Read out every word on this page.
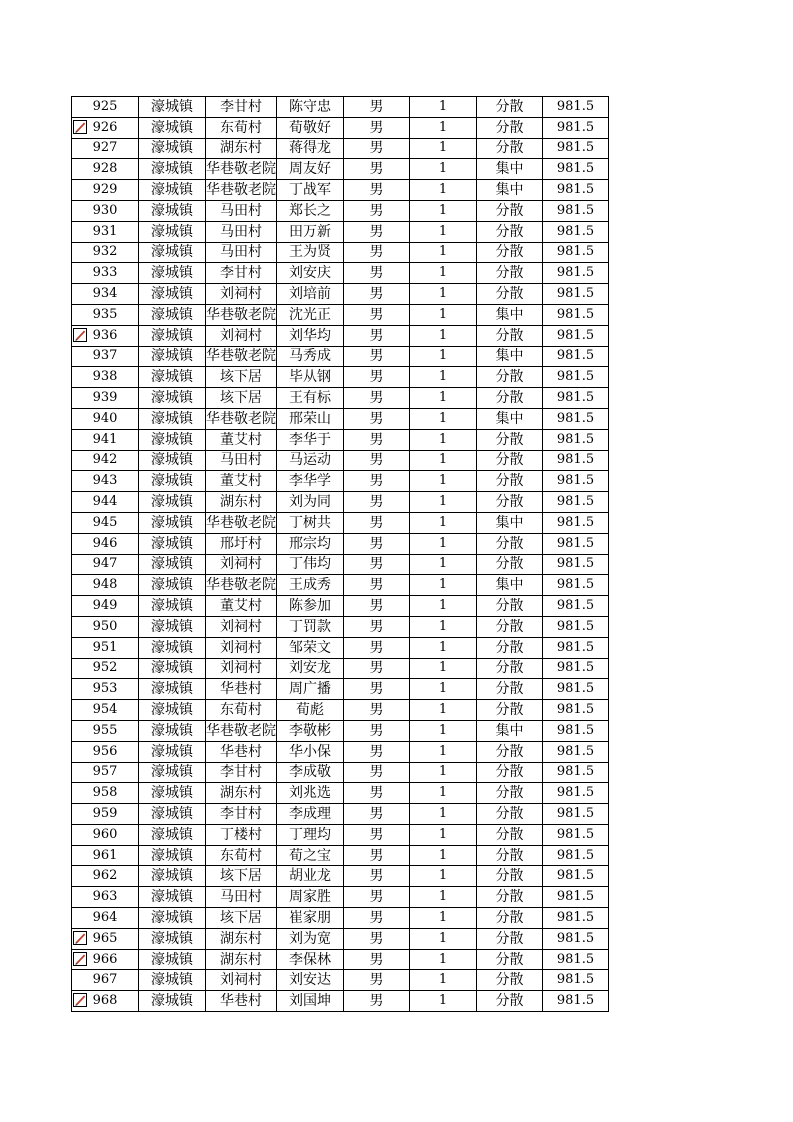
925	濠城镇	李甘村	陈守忠	男	1	分散	981.5

926	濠城镇	东荀村	荀敬好	男	1	分散	981.5
927	濠城镇	湖东村	蒋得龙	男	1	分散	981.5
928	濠城镇	华巷敬老院	周友好	男	1	集中	981.5
929	濠城镇	华巷敬老院	丁战军	男	1	集中	981.5
930	濠城镇	马田村	郑长之	男	1	分散	981.5
931	濠城镇	马田村	田万新	男	1	分散	981.5
932	濠城镇	马田村	王为贤	男	1	分散	981.5
933	濠城镇	李甘村	刘安庆	男	1	分散	981.5
934	濠城镇	刘祠村	刘培前	男	1	分散	981.5
935	濠城镇	华巷敬老院	沈光正	男	1	集中	981.5

936	濠城镇	刘祠村	刘华均	男	1	分散	981.5
937	濠城镇	华巷敬老院	马秀成	男	1	集中	981.5
938	濠城镇	垓下居	毕从钢	男	1	分散	981.5
939	濠城镇	垓下居	王有标	男	1	分散	981.5
940	濠城镇	华巷敬老院	邢荣山	男	1	集中	981.5
941	濠城镇	董艾村	李华于	男	1	分散	981.5
942	濠城镇	马田村	马运动	男	1	分散	981.5
943	濠城镇	董艾村	李华学	男	1	分散	981.5
944	濠城镇	湖东村	刘为同	男	1	分散	981.5
945	濠城镇	华巷敬老院	丁树共	男	1	集中	981.5
946	濠城镇	邢圩村	邢宗均	男	1	分散	981.5
947	濠城镇	刘祠村	丁伟均	男	1	分散	981.5
948	濠城镇	华巷敬老院	王成秀	男	1	集中	981.5
949	濠城镇	董艾村	陈参加	男	1	分散	981.5
950	濠城镇	刘祠村	丁罚款	男	1	分散	981.5
951	濠城镇	刘祠村	邹荣文	男	1	分散	981.5
952	濠城镇	刘祠村	刘安龙	男	1	分散	981.5
953	濠城镇	华巷村	周广播	男	1	分散	981.5
954	濠城镇	东荀村	荀彪	男	1	分散	981.5
955	濠城镇	华巷敬老院	李敬彬	男	1	集中	981.5
956	濠城镇	华巷村	华小保	男	1	分散	981.5
957	濠城镇	李甘村	李成敬	男	1	分散	981.5
958	濠城镇	湖东村	刘兆选	男	1	分散	981.5
959	濠城镇	李甘村	李成理	男	1	分散	981.5
960	濠城镇	丁楼村	丁理均	男	1	分散	981.5
961	濠城镇	东荀村	荀之宝	男	1	分散	981.5
962	濠城镇	垓下居	胡业龙	男	1	分散	981.5
963	濠城镇	马田村	周家胜	男	1	分散	981.5
964	濠城镇	垓下居	崔家朋	男	1	分散	981.5

965	濠城镇	湖东村	刘为宽	男	1	分散	981.5

966	濠城镇	湖东村	李保林	男	1	分散	981.5
967	濠城镇	刘祠村	刘安达	男	1	分散	981.5

968	濠城镇	华巷村	刘国坤	男	1	分散	981.5
